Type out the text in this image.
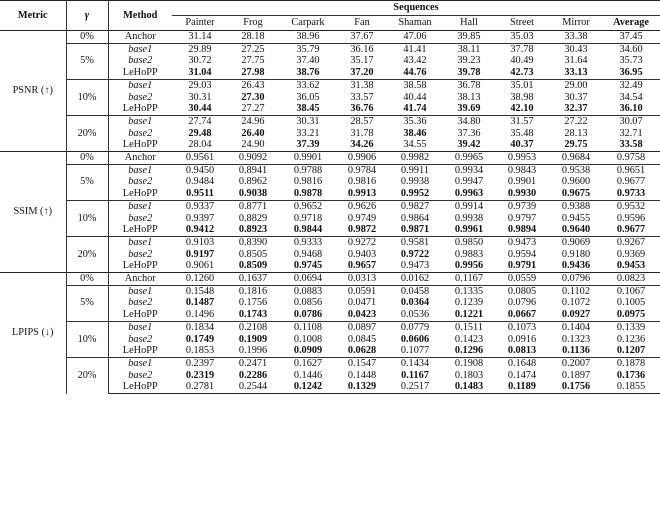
Metric	γ	Method	Sequences								
			Painter	Frog	Carpark	Fan	Shaman	Hall	Street	Mirror	Average
PSNR (↑)	0%	Anchor	31.14	28.18	38.96	37.67	47.06	39.85	35.03	33.38	37.45
	5%	base1	29.89	27.25	35.79	36.16	41.41	38.11	37.78	30.43	34.60
		base2	30.72	27.75	37.40	35.17	43.42	39.23	40.49	31.64	35.73
		LeHoPP	31.04	27.98	38.76	37.20	44.76	39.78	42.73	33.13	36.95
	10%	base1	29.03	26.43	33.62	31.38	38.58	36.78	35.01	29.00	32.49
		base2	30.31	27.30	36.05	33.57	40.44	38.13	38.98	30.37	34.54
		LeHoPP	30.44	27.27	38.45	36.76	41.74	39.69	42.10	32.37	36.10
	20%	base1	27.74	24.96	30.31	28.57	35.36	34.80	31.57	27.22	30.07
		base2	29.48	26.40	33.21	31.78	38.46	37.36	35.48	28.13	32.71
		LeHoPP	28.04	24.90	37.39	34.26	34.55	39.42	40.37	29.75	33.58
SSIM (↑)	0%	Anchor	0.9561	0.9092	0.9901	0.9906	0.9982	0.9965	0.9953	0.9684	0.9758
	5%	base1	0.9450	0.8941	0.9788	0.9784	0.9911	0.9934	0.9843	0.9538	0.9651
		base2	0.9484	0.8962	0.9816	0.9816	0.9938	0.9947	0.9901	0.9600	0.9677
		LeHoPP	0.9511	0.9038	0.9878	0.9913	0.9952	0.9963	0.9930	0.9675	0.9733
	10%	base1	0.9337	0.8771	0.9652	0.9626	0.9827	0.9914	0.9739	0.9388	0.9532
		base2	0.9397	0.8829	0.9718	0.9749	0.9864	0.9938	0.9797	0.9455	0.9596
		LeHoPP	0.9412	0.8923	0.9844	0.9872	0.9871	0.9961	0.9894	0.9640	0.9677
	20%	base1	0.9103	0.8390	0.9333	0.9272	0.9581	0.9850	0.9473	0.9069	0.9267
		base2	0.9197	0.8505	0.9468	0.9403	0.9722	0.9883	0.9594	0.9180	0.9369
		LeHoPP	0.9061	0.8509	0.9745	0.9657	0.9473	0.9956	0.9791	0.9436	0.9453
LPIPS (↓)	0%	Anchor	0.1260	0.1637	0.0694	0.0313	0.0162	0.1167	0.0559	0.0796	0.0823
	5%	base1	0.1548	0.1816	0.0883	0.0591	0.0458	0.1335	0.0805	0.1102	0.1067
		base2	0.1487	0.1756	0.0856	0.0471	0.0364	0.1239	0.0796	0.1072	0.1005
		LeHoPP	0.1496	0.1743	0.0786	0.0423	0.0536	0.1221	0.0667	0.0927	0.0975
	10%	base1	0.1834	0.2108	0.1108	0.0897	0.0779	0.1511	0.1073	0.1404	0.1339
		base2	0.1749	0.1909	0.1008	0.0845	0.0606	0.1423	0.0916	0.1323	0.1236
		LeHoPP	0.1853	0.1996	0.0909	0.0628	0.1077	0.1296	0.0813	0.1136	0.1207
	20%	base1	0.2397	0.2471	0.1627	0.1547	0.1434	0.1908	0.1648	0.2007	0.1878
		base2	0.2319	0.2286	0.1446	0.1448	0.1167	0.1803	0.1474	0.1897	0.1736
		LeHoPP	0.2781	0.2544	0.1242	0.1329	0.2517	0.1483	0.1189	0.1756	0.1855
